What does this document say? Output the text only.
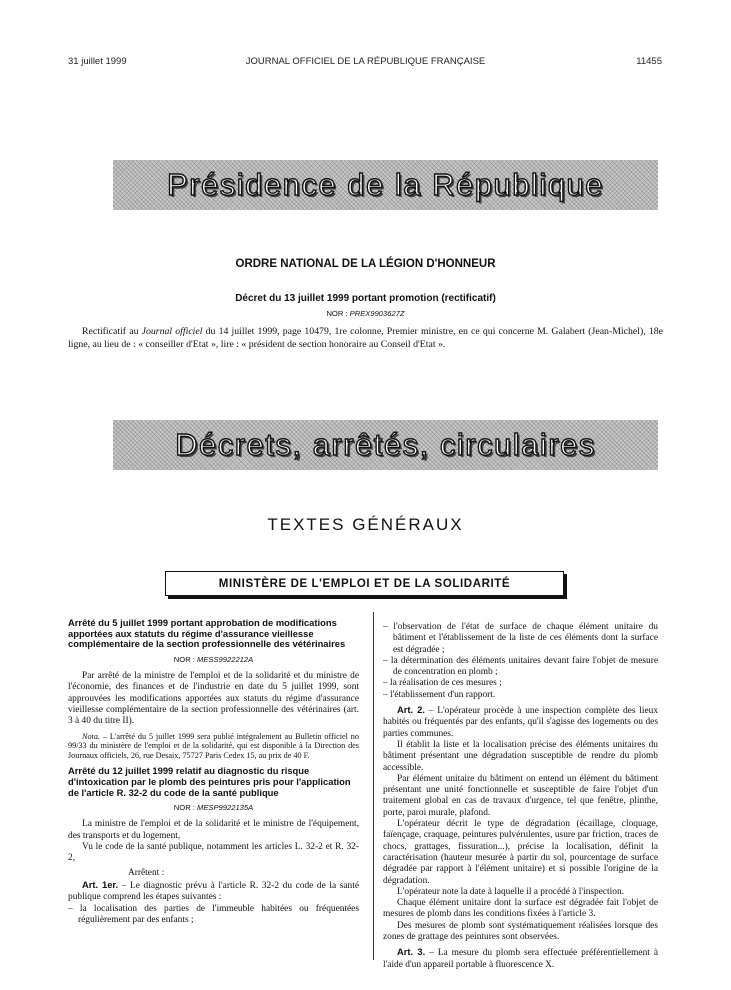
31 juillet 1999	JOURNAL OFFICIEL DE LA RÉPUBLIQUE FRANÇAISE	11455
Présidence de la République
ORDRE NATIONAL DE LA LÉGION D'HONNEUR
Décret du 13 juillet 1999 portant promotion (rectificatif)
NOR : PREX9903627Z
Rectificatif au Journal officiel du 14 juillet 1999, page 10479, 1re colonne, Premier ministre, en ce qui concerne M. Galabert (Jean-Michel), 18e ligne, au lieu de : « conseiller d'Etat », lire : « président de section honoraire au Conseil d'Etat ».
Décrets, arrêtés, circulaires
TEXTES GÉNÉRAUX
MINISTÈRE DE L'EMPLOI ET DE LA SOLIDARITÉ

Arrêté du 5 juillet 1999 portant approbation de modifications apportées aux statuts du régime d'assurance vieillesse complémentaire de la section professionnelle des vétérinaires

NOR : MESS9922212A

Par arrêté de la ministre de l'emploi et de la solidarité et du ministre de l'économie, des finances et de l'industrie en date du 5 juillet 1999, sont approuvées les modifications apportées aux statuts du régime d'assurance vieillesse complémentaire de la section professionnelle des vétérinaires (art. 3 à 40 du titre II).

Nota. – L'arrêté du 5 juillet 1999 sera publié intégralement au Bulletin officiel no 99/33 du ministère de l'emploi et de la solidarité, qui est disponible à la Direction des Journaux officiels, 26, rue Desaix, 75727 Paris Cedex 15, au prix de 40 F.

Arrêté du 12 juillet 1999 relatif au diagnostic du risque d'intoxication par le plomb des peintures pris pour l'application de l'article R. 32-2 du code de la santé publique

NOR : MESP9922135A

La ministre de l'emploi et de la solidarité et le ministre de l'équipement, des transports et du logement,

Vu le code de la santé publique, notamment les articles L. 32-2 et R. 32-2,

Arrêtent :

Art. 1er. – Le diagnostic prévu à l'article R. 32-2 du code de la santé publique comprend les étapes suivantes :

– la localisation des parties de l'immeuble habitées ou fréquentées régulièrement par des enfants ;
– l'observation de l'état de surface de chaque élément unitaire du bâtiment et l'établissement de la liste de ces éléments dont la surface est dégradée ;
– la détermination des éléments unitaires devant faire l'objet de mesure de concentration en plomb ;
– la réalisation de ces mesures ;
– l'établissement d'un rapport.

Art. 2. – L'opérateur procède à une inspection complète des lieux habités ou fréquentés par des enfants, qu'il s'agisse des logements ou des parties communes.

Il établit la liste et la localisation précise des éléments unitaires du bâtiment présentant une dégradation susceptible de rendre du plomb accessible.

Par élément unitaire du bâtiment on entend un élément du bâtiment présentant une unité fonctionnelle et susceptible de faire l'objet d'un traitement global en cas de travaux d'urgence, tel que fenêtre, plinthe, porte, paroi murale, plafond.

L'opérateur décrit le type de dégradation (écaillage, cloquage, faïençage, craquage, peintures pulvérulentes, usure par friction, traces de chocs, grattages, fissuration...), précise la localisation, définit la caractérisation (hauteur mesurée à partir du sol, pourcentage de surface dégradée par rapport à l'élément unitaire) et si possible l'origine de la dégradation.

L'opérateur note la date à laquelle il a procédé à l'inspection.

Chaque élément unitaire dont la surface est dégradée fait l'objet de mesures de plomb dans les conditions fixées à l'article 3.

Des mesures de plomb sont systématiquement réalisées lorsque des zones de grattage des peintures sont observées.

Art. 3. – La mesure du plomb sera effectuée préférentiellement à l'aide d'un appareil portable à fluorescence X.
